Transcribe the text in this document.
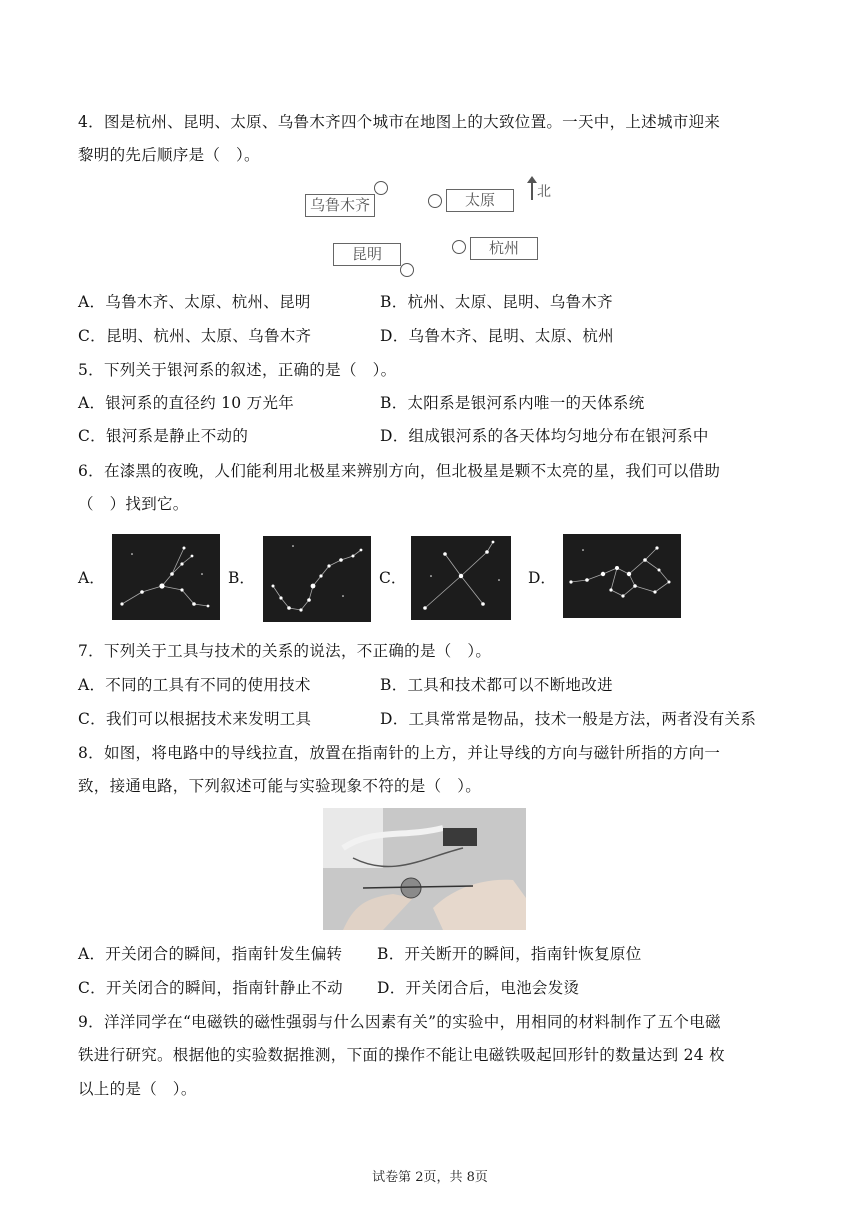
4．图是杭州、昆明、太原、乌鲁木齐四个城市在地图上的大致位置。一天中，上述城市迎来
黎明的先后顺序是（　）。
乌鲁木齐	太原	北
昆明	杭州
A．乌鲁木齐、太原、杭州、昆明	B．杭州、太原、昆明、乌鲁木齐
C．昆明、杭州、太原、乌鲁木齐	D．乌鲁木齐、昆明、太原、杭州
5．下列关于银河系的叙述，正确的是（　）。
A．银河系的直径约 10 万光年	B．太阳系是银河系内唯一的天体系统
C．银河系是静止不动的	D．组成银河系的各天体均匀地分布在银河系中
6．在漆黑的夜晚，人们能利用北极星来辨别方向，但北极星是颗不太亮的星，我们可以借助
（　）找到它。
A．	B．	C．	D．
7．下列关于工具与技术的关系的说法，不正确的是（　）。
A．不同的工具有不同的使用技术	B．工具和技术都可以不断地改进
C．我们可以根据技术来发明工具	D．工具常常是物品，技术一般是方法，两者没有关系
8．如图，将电路中的导线拉直，放置在指南针的上方，并让导线的方向与磁针所指的方向一
致，接通电路，下列叙述可能与实验现象不符的是（　）。
A．开关闭合的瞬间，指南针发生偏转 B．开关断开的瞬间，指南针恢复原位
C．开关闭合的瞬间，指南针静止不动 D．开关闭合后，电池会发烫
9．洋洋同学在“电磁铁的磁性强弱与什么因素有关”的实验中，用相同的材料制作了五个电磁
铁进行研究。根据他的实验数据推测，下面的操作不能让电磁铁吸起回形针的数量达到 24 枚
以上的是（　）。
试卷第 2页，共 8页
